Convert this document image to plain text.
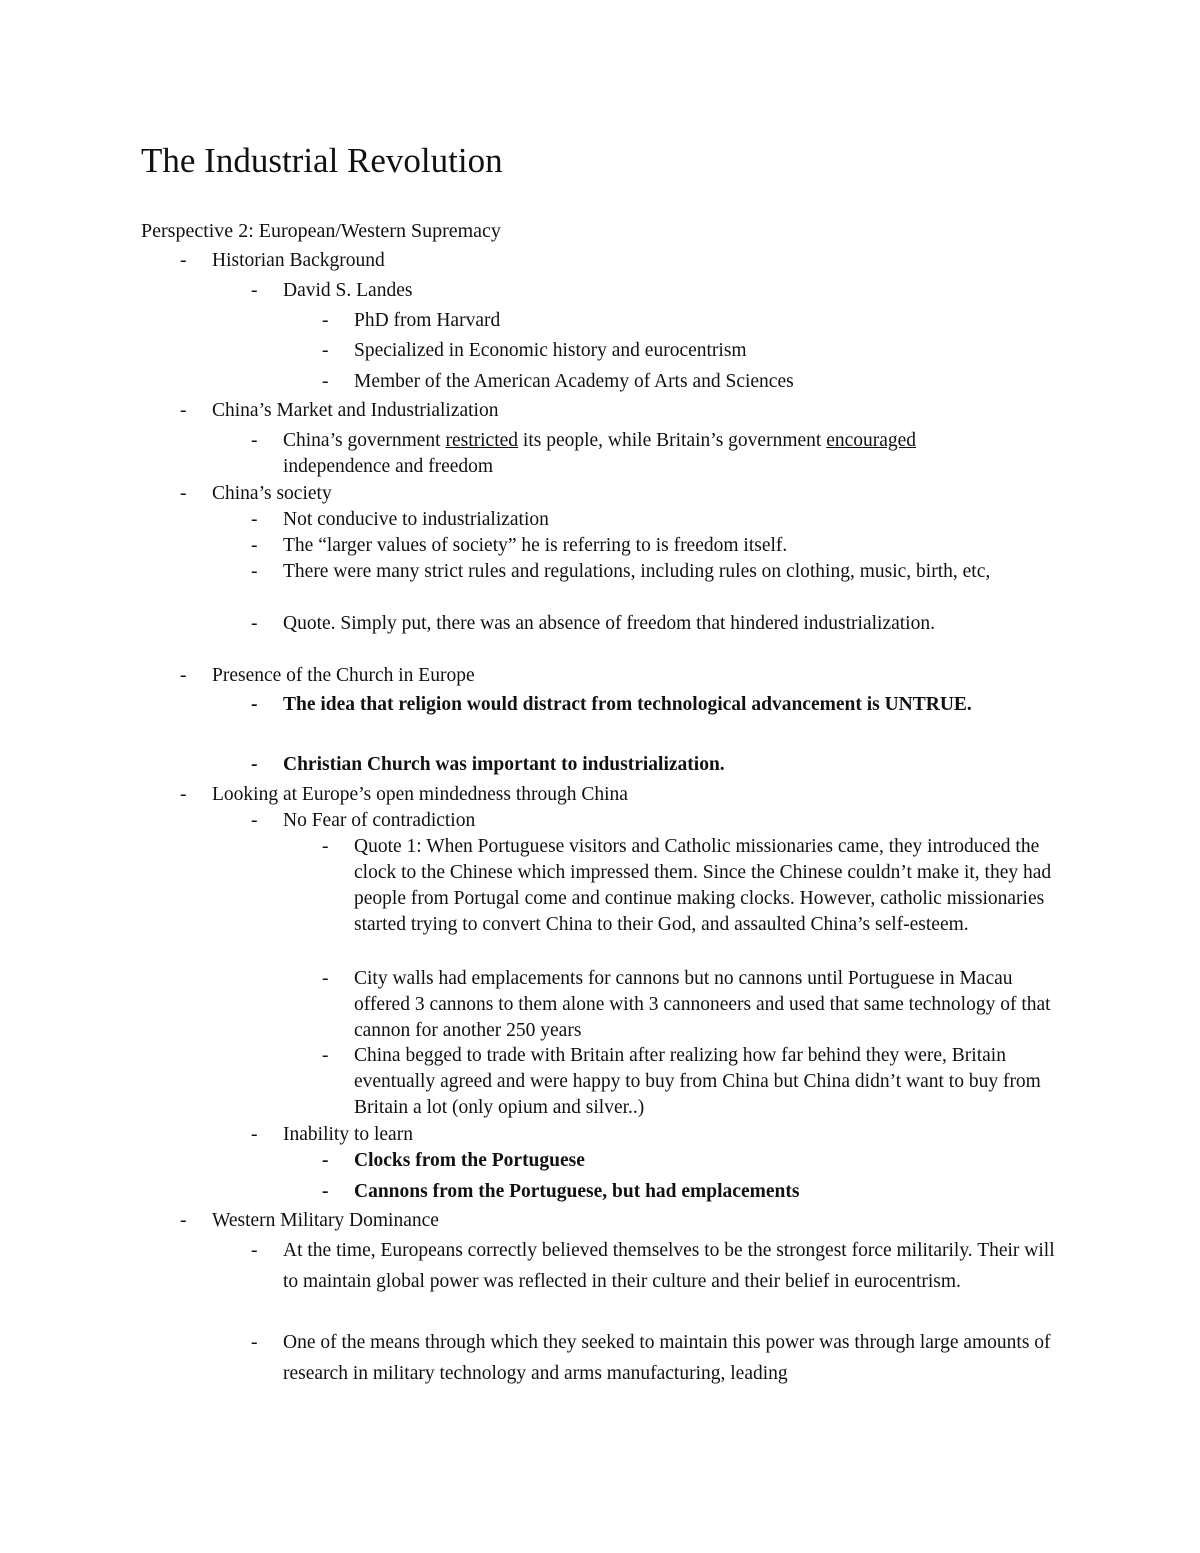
The Industrial Revolution

Perspective 2: European/Western Supremacy

-	Historian Background
-	David S. Landes
-	PhD from Harvard
-	Specialized in Economic history and eurocentrism
-	Member of the American Academy of Arts and Sciences
-	China’s Market and Industrialization
-	China’s government restricted its people, while Britain’s government encouraged
independence and freedom
-	China’s society
-	Not conducive to industrialization
-	The “larger values of society” he is referring to is freedom itself.
-	There were many strict rules and regulations, including rules on clothing, music, birth, etc,
-	Quote. Simply put, there was an absence of freedom that hindered industrialization.
-	Presence of the Church in Europe
-	The idea that religion would distract from technological advancement is UNTRUE.
-	Christian Church was important to industrialization.
-	Looking at Europe’s open mindedness through China
-	No Fear of contradiction
-	Quote 1: When Portuguese visitors and Catholic missionaries came, they introduced the clock to the Chinese which impressed them. Since the Chinese couldn’t make it, they had people from Portugal come and continue making clocks. However, catholic missionaries started trying to convert China to their God, and assaulted China’s self-esteem.
-	City walls had emplacements for cannons but no cannons until Portuguese in Macau offered 3 cannons to them alone with 3 cannoneers and used that same technology of that cannon for another 250 years
-	China begged to trade with Britain after realizing how far behind they were, Britain eventually agreed and were happy to buy from China but China didn’t want to buy from Britain a lot (only opium and silver..)
-	Inability to learn
-	Clocks from the Portuguese
-	Cannons from the Portuguese, but had emplacements
-	Western Military Dominance
-	At the time, Europeans correctly believed themselves to be the strongest force militarily. Their will to maintain global power was reflected in their culture and their belief in eurocentrism.
-	One of the means through which they seeked to maintain this power was through large amounts of research in military technology and arms manufacturing, leading
